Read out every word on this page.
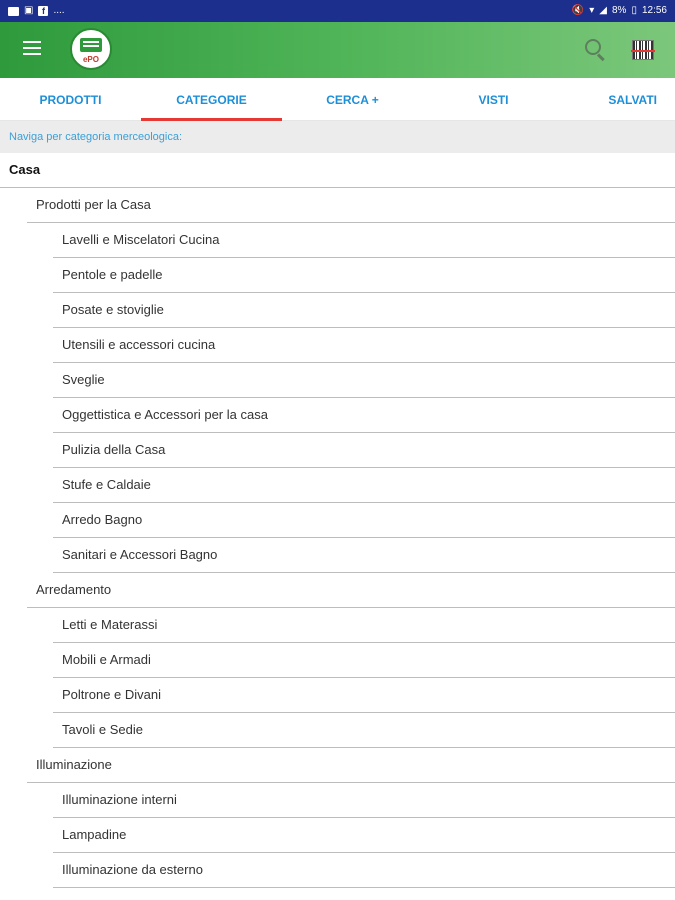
▣ f ....	🔇 ▾ ◢ 8% ▯ 12:56
ePO
PRODOTTI	CATEGORIE	CERCA +	VISTI	SALVATI
Naviga per categoria merceologica:
Casa
Prodotti per la Casa
Lavelli e Miscelatori Cucina
Pentole e padelle
Posate e stoviglie
Utensili e accessori cucina
Sveglie
Oggettistica e Accessori per la casa
Pulizia della Casa
Stufe e Caldaie
Arredo Bagno
Sanitari e Accessori Bagno
Arredamento
Letti e Materassi
Mobili e Armadi
Poltrone e Divani
Tavoli e Sedie
Illuminazione
Illuminazione interni
Lampadine
Illuminazione da esterno
